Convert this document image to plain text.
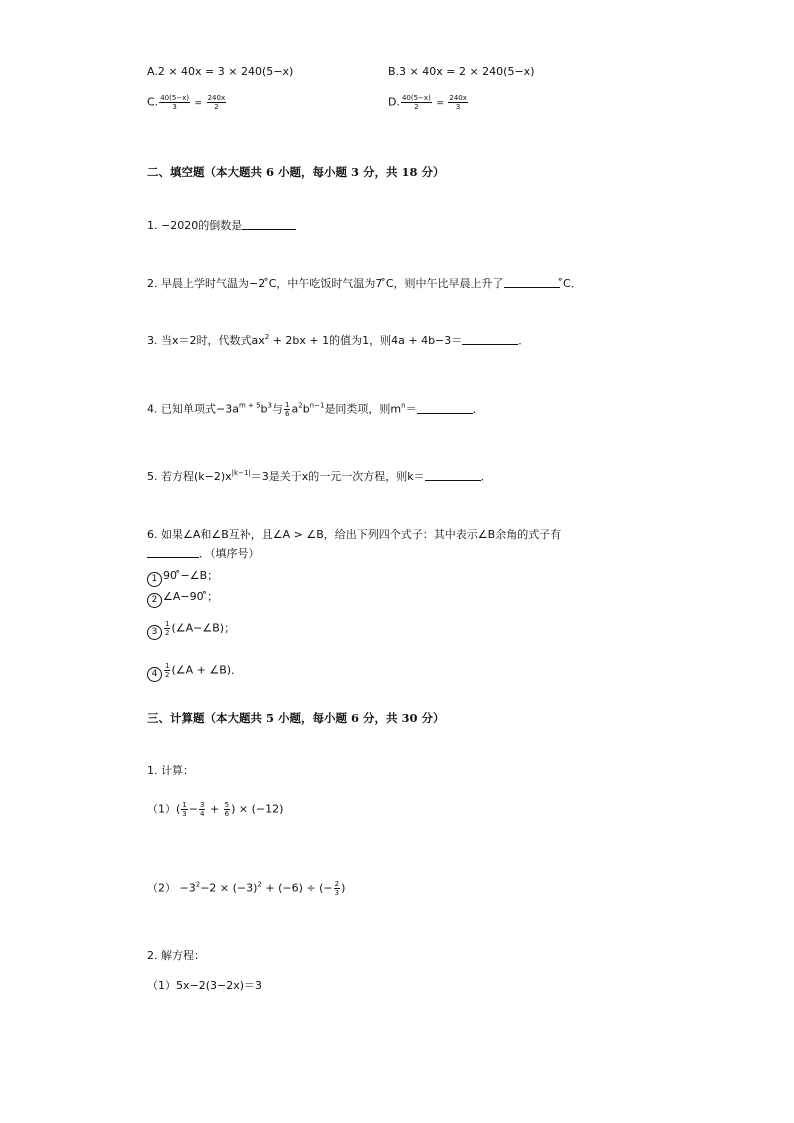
A.2 × 40x = 3 × 240(5−x)	B.3 × 40x = 2 × 240(5−x)
C. $\frac{40(5-x)}{3} = \frac{240x}{2}$	D. $\frac{40(5-x)}{2} = \frac{240x}{3}$
二、填空题（本大题共 6 小题，每小题 3 分，共 18 分）
1. −2020的倒数是
2. 早晨上学时气温为−2 ̊C，中午吃饭时气温为7 ̊C，则中午比早晨上升了	̊C．
3. 当x＝2时，代数式$ax^2 + 2bx + 1$的值为1，则4a + 4b−3＝	．
4. 已知单项式$-3a^{m + 5}b^3$与 $\frac{1}{6} a^2b^{n-1}$是同类项，则$m^n=$	．
5. 若方程$(k-2)x^{|k-1|}=3$是关于x的一元一次方程，则k＝	．
6. 如果∠A和∠B互补，且∠A > ∠B，给出下列四个式子：其中表示∠B余角的式子有
．（填序号）
1 90 ̊−∠B；
2 ∠A−90 ̊；
$3 \frac{1}{2}$ (∠A−∠B)；
$4 \frac{1}{2}$ (∠A + ∠B)．
三、计算题（本大题共 5 小题，每小题 6 分，共 30 分）
1. 计算：
$(1)( \frac{1}{3} - \frac{3}{4} + \frac{5}{6}$ ) × (−12)
$(2) -3^2-2 \times (-3)^2 + (-6)$ ÷ (− $\frac{2}{3}$ )
2. 解方程：
（1）5x−2(3−2x)＝3
